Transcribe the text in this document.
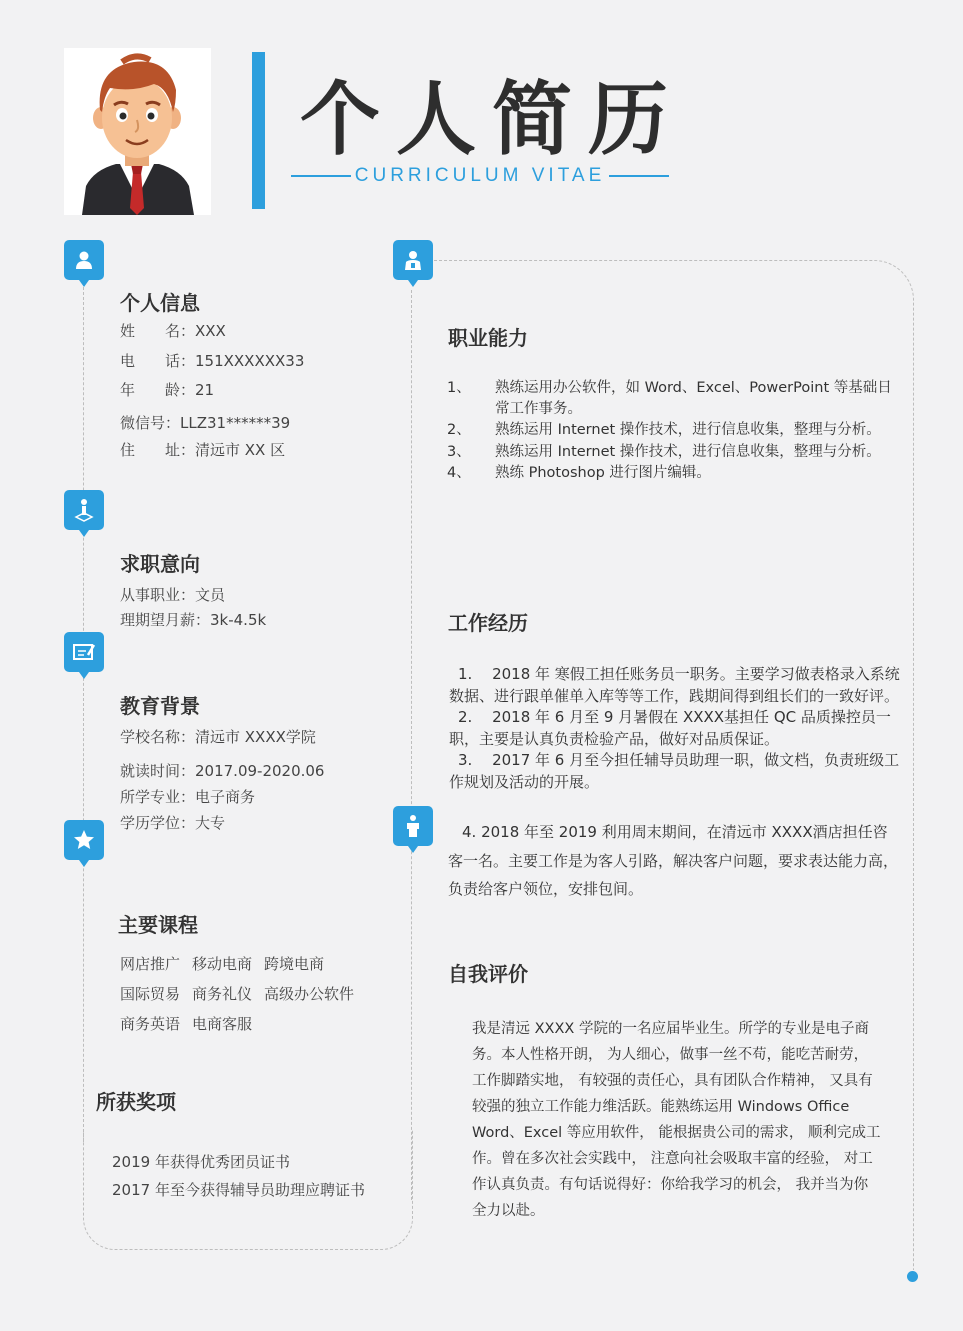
个人简历
CURRICULUM VITAE
个人信息
姓　　名：XXX
电　　话：151XXXXXX33
年　　龄：21
微信号：LLZ31******39
住　　址：清远市 XX 区
求职意向
从事职业：文员
理期望月薪：3k-4.5k
教育背景
学校名称：清远市 XXXX学院
就读时间：2017.09-2020.06
所学专业：电子商务
学历学位：大专
主要课程
网店推广 移动电商 跨境电商
国际贸易 商务礼仪 高级办公软件
商务英语 电商客服
所获奖项
2019 年获得优秀团员证书
2017 年至今获得辅导员助理应聘证书
职业能力
1、	熟练运用办公软件，如 Word、Excel、PowerPoint 等基础日常工作事务。
2、	熟练运用 Internet 操作技术，进行信息收集，整理与分析。
3、	熟练运用 Internet 操作技术，进行信息收集，整理与分析。
4、	熟练 Photoshop 进行图片编辑。
工作经历

1.　 2018 年 寒假工担任账务员一职务。主要学习做表格录入系统数据、进行跟单催单入库等等工作，践期间得到组长们的一致好评。

2.　 2018 年 6 月至 9 月暑假在 XXXX基担任 QC 品质操控员一职，主要是认真负责检验产品，做好对品质保证。

3.　 2017 年 6 月至今担任辅导员助理一职，做文档，负责班级工作规划及活动的开展。

4. 2018 年至 2019 利用周末期间，在清远市 XXXX酒店担任咨客一名。主要工作是为客人引路，解决客户问题，要求表达能力高，负责给客户领位，安排包间。
自我评价
我是清远 XXXX 学院的一名应届毕业生。所学的专业是电子商务。本人性格开朗， 为人细心，做事一丝不苟，能吃苦耐劳， 工作脚踏实地， 有较强的责任心，具有团队合作精神， 又具有较强的独立工作能力维活跃。能熟练运用 Windows Office Word、Excel 等应用软件， 能根据贵公司的需求， 顺利完成工作。曾在多次社会实践中， 注意向社会吸取丰富的经验， 对工作认真负责。有句话说得好：你给我学习的机会， 我并当为你全力以赴。
